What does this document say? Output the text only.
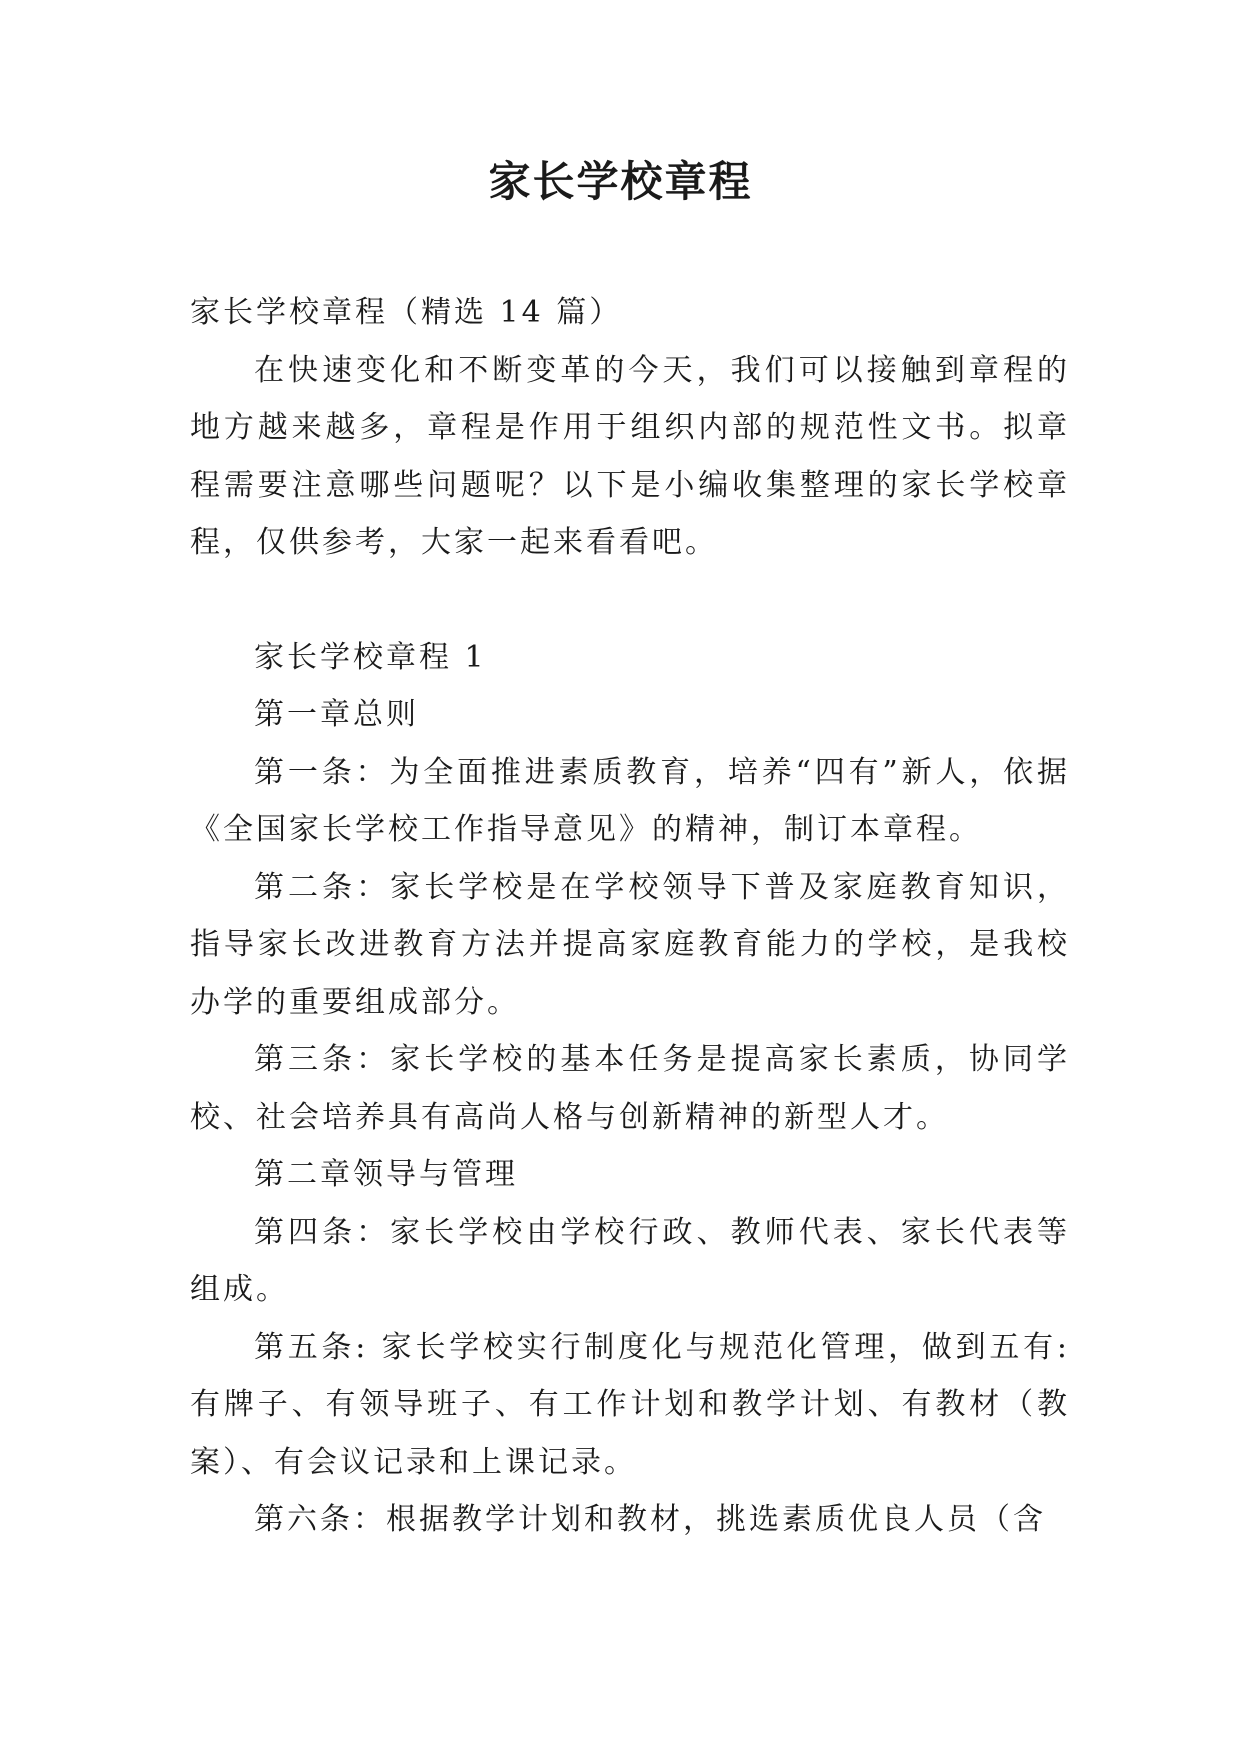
家长学校章程

家长学校章程（精选 14 篇）

在快速变化和不断变革的今天，我们可以接触到章程的地方越来越多，章程是作用于组织内部的规范性文书。拟章程需要注意哪些问题呢？以下是小编收集整理的家长学校章程，仅供参考，大家一起来看看吧。

家长学校章程 1

第一章总则

第一条：为全面推进素质教育，培养“四有”新人，依据《全国家长学校工作指导意见》的精神，制订本章程。

第二条：家长学校是在学校领导下普及家庭教育知识，指导家长改进教育方法并提高家庭教育能力的学校，是我校办学的重要组成部分。

第三条：家长学校的基本任务是提高家长素质，协同学校、社会培养具有高尚人格与创新精神的新型人才。

第二章领导与管理

第四条：家长学校由学校行政、教师代表、家长代表等组成。

第五条: 家长学校实行制度化与规范化管理，做到五有: 有牌子、有领导班子、有工作计划和教学计划、有教材（教案）、有会议记录和上课记录。

第六条：根据教学计划和教材，挑选素质优良人员（含
